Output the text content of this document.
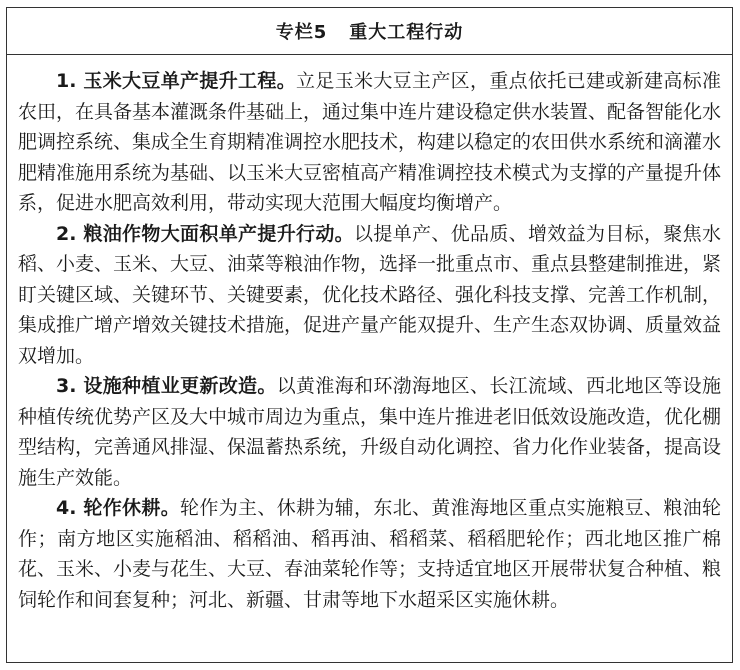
专栏5 重大工程行动

1. 玉米大豆单产提升工程。立足玉米大豆主产区，重点依托已建或新建高标准农田，在具备基本灌溉条件基础上，通过集中连片建设稳定供水装置、配备智能化水肥调控系统、集成全生育期精准调控水肥技术，构建以稳定的农田供水系统和滴灌水肥精准施用系统为基础、以玉米大豆密植高产精准调控技术模式为支撑的产量提升体系，促进水肥高效利用，带动实现大范围大幅度均衡增产。

2. 粮油作物大面积单产提升行动。以提单产、优品质、增效益为目标，聚焦水稻、小麦、玉米、大豆、油菜等粮油作物，选择一批重点市、重点县整建制推进，紧盯关键区域、关键环节、关键要素，优化技术路径、强化科技支撑、完善工作机制，集成推广增产增效关键技术措施，促进产量产能双提升、生产生态双协调、质量效益双增加。

3. 设施种植业更新改造。以黄淮海和环渤海地区、长江流域、西北地区等设施种植传统优势产区及大中城市周边为重点，集中连片推进老旧低效设施改造，优化棚型结构，完善通风排湿、保温蓄热系统，升级自动化调控、省力化作业装备，提高设施生产效能。

4. 轮作休耕。轮作为主、休耕为辅，东北、黄淮海地区重点实施粮豆、粮油轮作；南方地区实施稻油、稻稻油、稻再油、稻稻菜、稻稻肥轮作；西北地区推广棉花、玉米、小麦与花生、大豆、春油菜轮作等；支持适宜地区开展带状复合种植、粮饲轮作和间套复种；河北、新疆、甘肃等地下水超采区实施休耕。
